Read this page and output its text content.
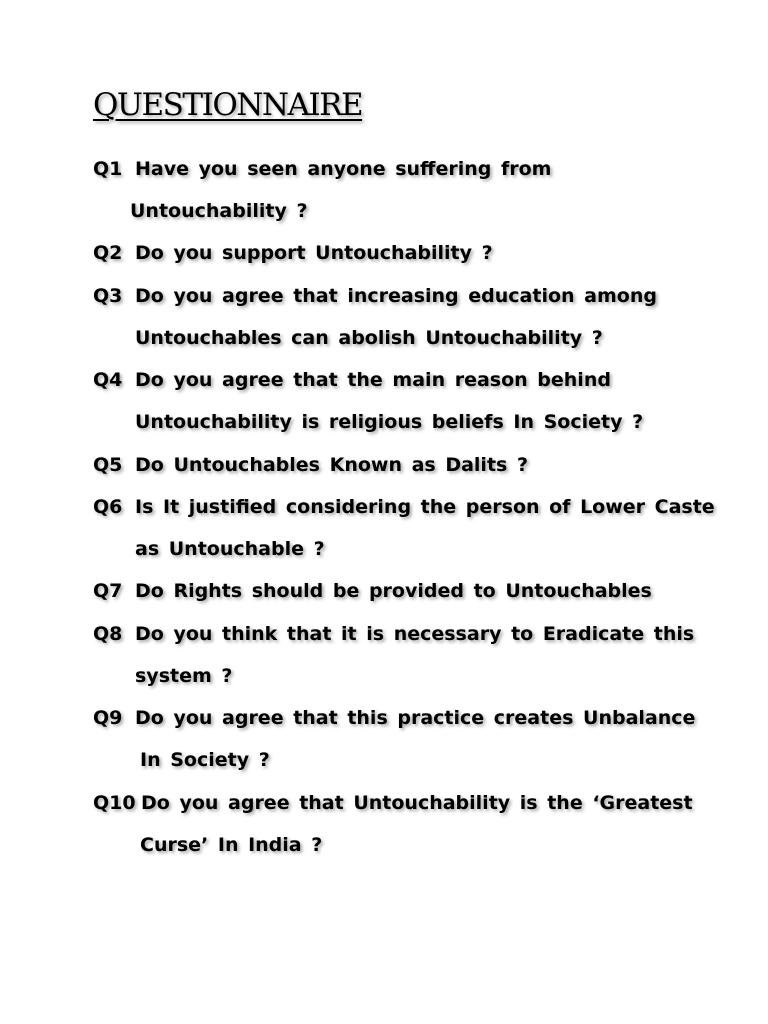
QUESTIONNAIRE
Q1 Have you seen anyone suffering from
Untouchability ?
Q2 Do you support Untouchability ?
Q3 Do you agree that increasing education among
Untouchables can abolish Untouchability ?
Q4 Do you agree that the main reason behind
Untouchability is religious beliefs In Society ?
Q5 Do Untouchables Known as Dalits ?
Q6 Is It justified considering the person of Lower Caste
as Untouchable ?
Q7 Do Rights should be provided to Untouchables
Q8 Do you think that it is necessary to Eradicate this
system ?
Q9 Do you agree that this practice creates Unbalance
In Society ?
Q10 Do you agree that Untouchability is the ‘Greatest
Curse’ In India ?
